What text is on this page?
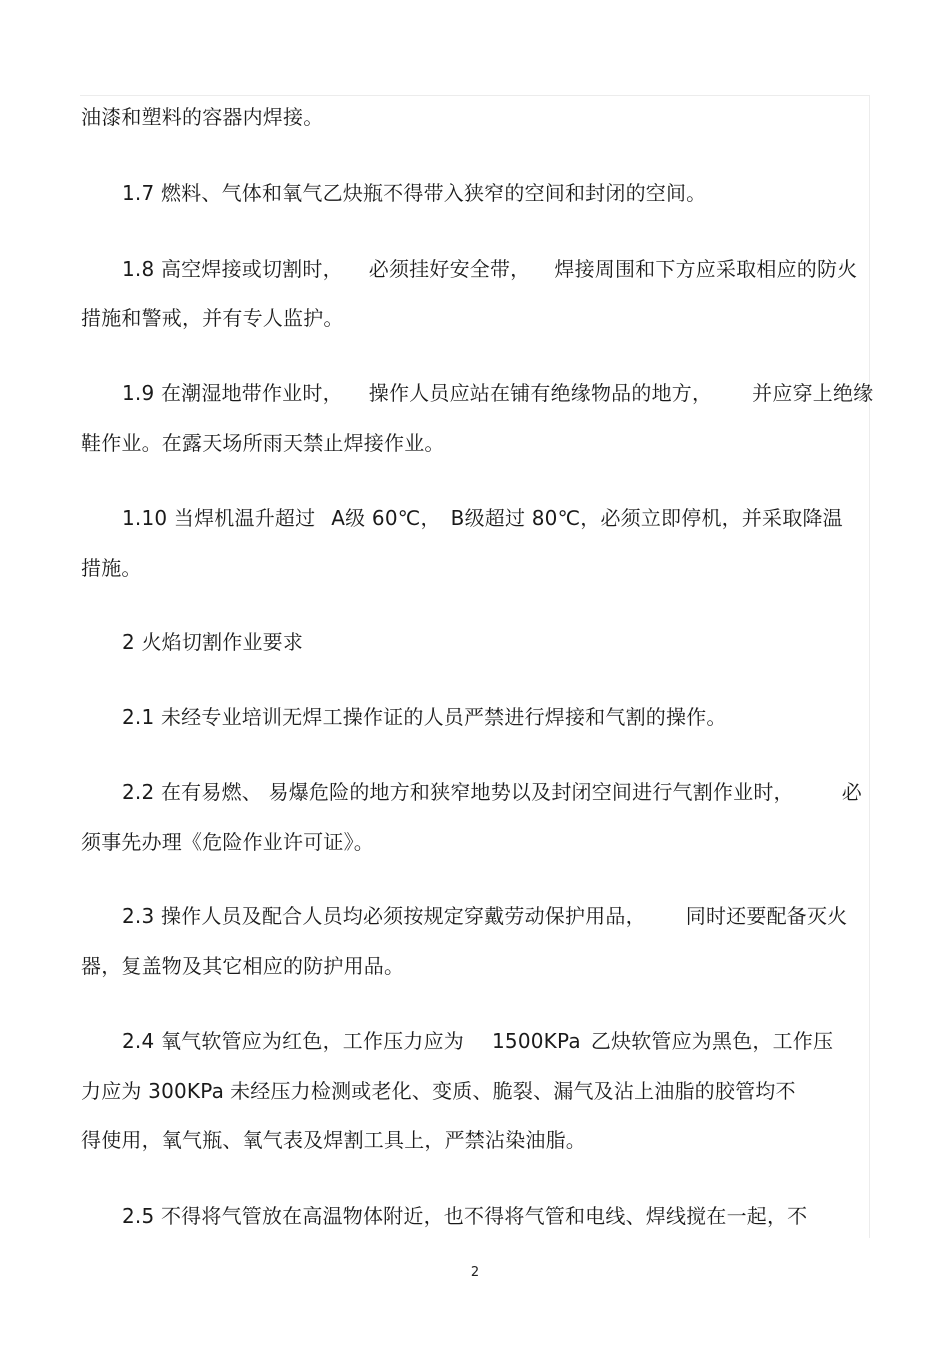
油漆和塑料的容器内焊接。
1.7 燃料、气体和氧气乙炔瓶不得带入狭窄的空间和封闭的空间。
1.8 高空焊接或切割时， 必须挂好安全带， 焊接周围和下方应采取相应的防火
措施和警戒，并有专人监护。
1.9 在潮湿地带作业时， 操作人员应站在铺有绝缘物品的地方， 并应穿上绝缘
鞋作业。在露天场所雨天禁止焊接作业。
1.10 当焊机温升超过 A级 60℃， B级超过 80℃，必须立即停机，并采取降温
措施。
2 火焰切割作业要求
2.1 未经专业培训无焊工操作证的人员严禁进行焊接和气割的操作。
2.2 在有易燃、 易爆危险的地方和狭窄地势以及封闭空间进行气割作业时， 必
须事先办理《危险作业许可证》。
2.3 操作人员及配合人员均必须按规定穿戴劳动保护用品， 同时还要配备灭火
器，复盖物及其它相应的防护用品。
2.4 氧气软管应为红色，工作压力应为 1500KPa 乙炔软管应为黑色，工作压
力应为 300KPa 未经压力检测或老化、变质、脆裂、漏气及沾上油脂的胶管均不
得使用，氧气瓶、氧气表及焊割工具上，严禁沾染油脂。
2.5 不得将气管放在高温物体附近，也不得将气管和电线、焊线搅在一起，不
2
